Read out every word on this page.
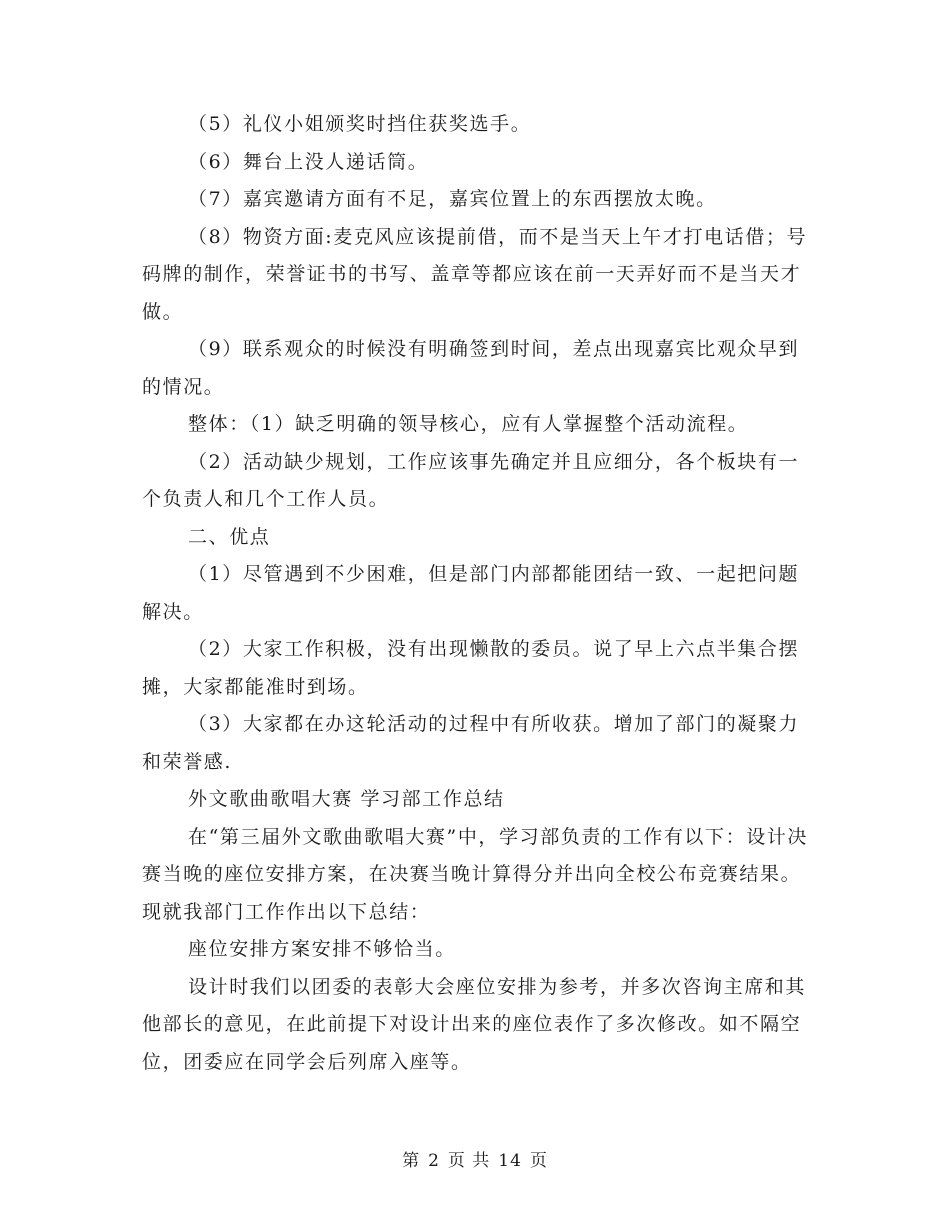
（5）礼仪小姐颁奖时挡住获奖选手。

（6）舞台上没人递话筒。

（7）嘉宾邀请方面有不足，嘉宾位置上的东西摆放太晚。

（8）物资方面:麦克风应该提前借，而不是当天上午才打电话借；号码牌的制作，荣誉证书的书写、盖章等都应该在前一天弄好而不是当天才做。

（9）联系观众的时候没有明确签到时间，差点出现嘉宾比观众早到的情况。

整体：（1）缺乏明确的领导核心，应有人掌握整个活动流程。

（2）活动缺少规划，工作应该事先确定并且应细分，各个板块有一个负责人和几个工作人员。

二、优点

（1）尽管遇到不少困难，但是部门内部都能团结一致、一起把问题解决。

（2）大家工作积极，没有出现懒散的委员。说了早上六点半集合摆摊，大家都能准时到场。

（3）大家都在办这轮活动的过程中有所收获。增加了部门的凝聚力和荣誉感.

外文歌曲歌唱大赛 学习部工作总结

在“第三届外文歌曲歌唱大赛”中，学习部负责的工作有以下：设计决赛当晚的座位安排方案，在决赛当晚计算得分并出向全校公布竞赛结果。现就我部门工作作出以下总结：

座位安排方案安排不够恰当。

设计时我们以团委的表彰大会座位安排为参考，并多次咨询主席和其他部长的意见，在此前提下对设计出来的座位表作了多次修改。如不隔空位，团委应在同学会后列席入座等。

第 2 页 共 14 页
